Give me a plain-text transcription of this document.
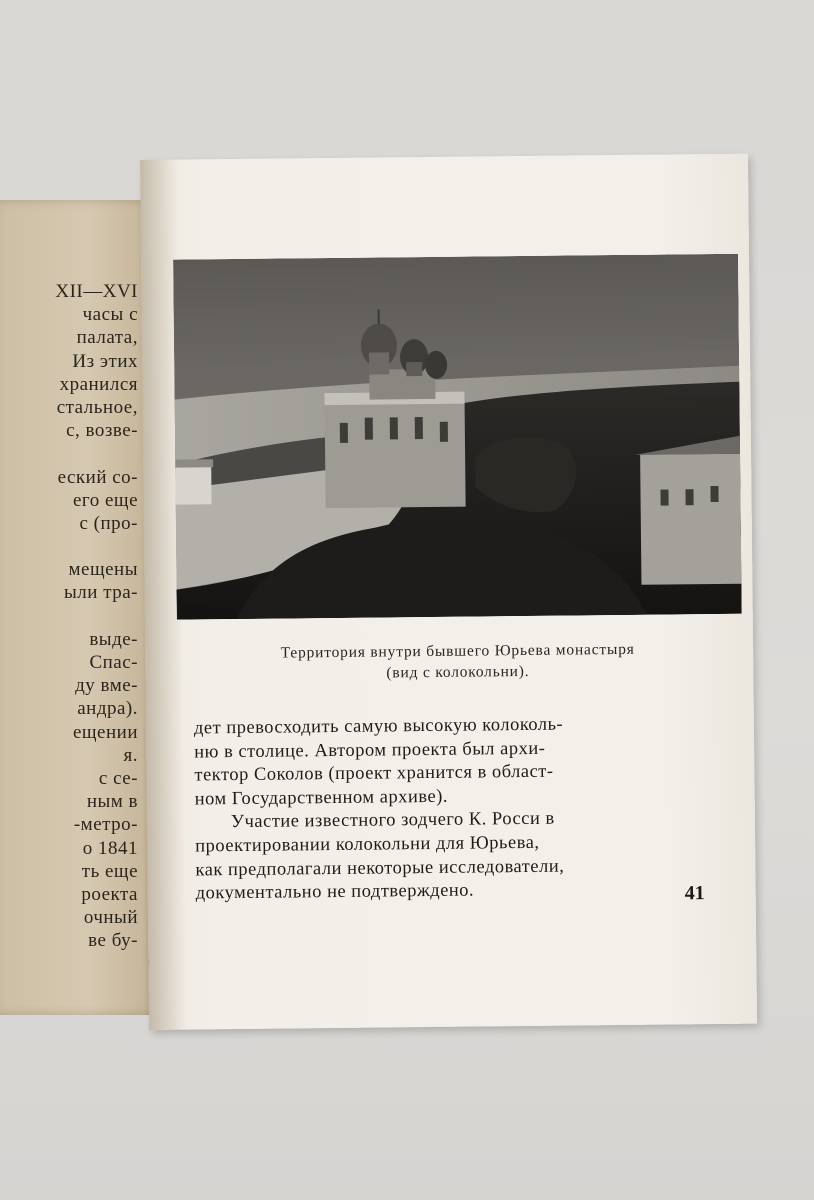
XII—XVI
часы с
палата,
Из этих
хранился
стальное,
с, возве-
еский со-
его еще
с (про-
мещены
ыли тра-
выде-
Спас-
ду вме-
андра).
ещении
я.
с се-
ным в
-метро-
о 1841
ть еще
роекта
очный
ве бу-
Территория внутри бывшего Юрьева монастыря
(вид с колокольни).
дет превосходить самую высокую колоколь-
ню в столице. Автором проекта был архи-
тектор Соколов (проект хранится в област-
ном Государственном архиве).
Участие известного зодчего К. Росси в
проектировании колокольни для Юрьева,
как предполагали некоторые исследователи,
документально не подтверждено.	41
